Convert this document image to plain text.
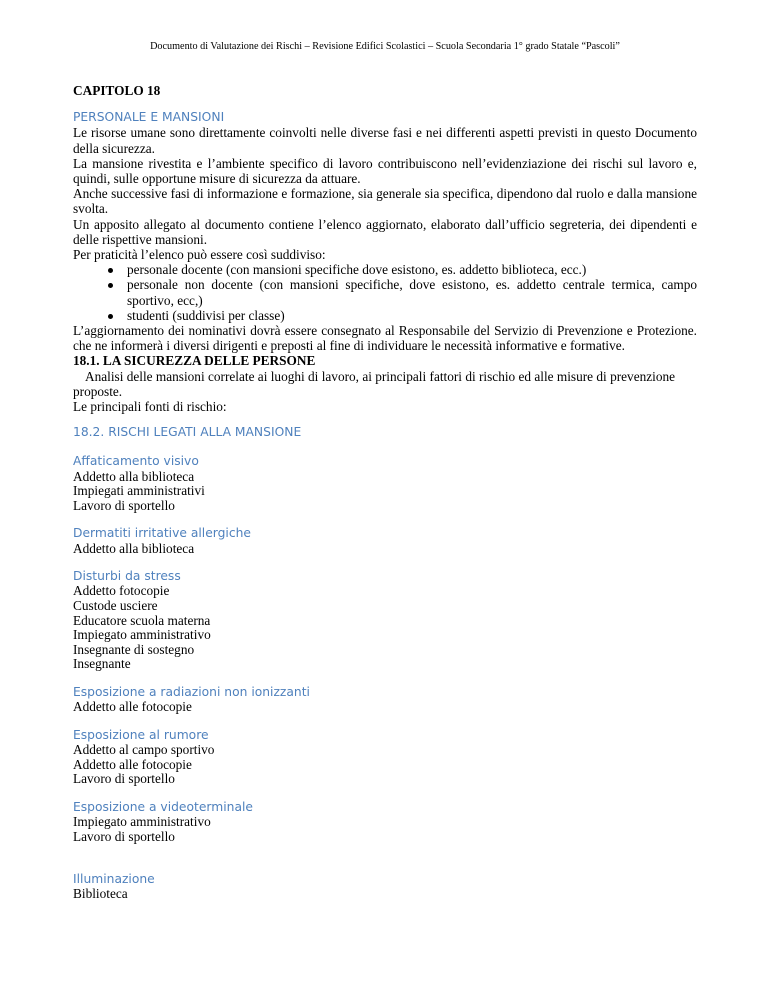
Documento di Valutazione dei Rischi – Revisione Edifici Scolastici – Scuola Secondaria 1° grado Statale “Pascoli”

CAPITOLO 18

PERSONALE E MANSIONI

Le risorse umane sono direttamente coinvolti nelle diverse fasi e nei differenti aspetti previsti in questo Documento della sicurezza.

La mansione rivestita e l’ambiente specifico di lavoro contribuiscono nell’evidenziazione dei rischi sul lavoro e, quindi, sulle opportune misure di sicurezza da attuare.

Anche successive fasi di informazione e formazione, sia generale sia specifica, dipendono dal ruolo e dalla mansione svolta.

Un apposito allegato al documento contiene l’elenco aggiornato, elaborato dall’ufficio segreteria, dei dipendenti e delle rispettive mansioni.

Per praticità l’elenco può essere così suddiviso:

personale docente (con mansioni specifiche dove esistono, es. addetto biblioteca, ecc.)
personale non docente (con mansioni specifiche, dove esistono, es. addetto centrale termica, campo sportivo, ecc,)
studenti (suddivisi per classe)

L’aggiornamento dei nominativi dovrà essere consegnato al Responsabile del Servizio di Prevenzione e Protezione. che ne informerà i diversi dirigenti e preposti al fine di individuare le necessità informative e formative.

18.1. LA SICUREZZA DELLE PERSONE

Analisi delle mansioni correlate ai luoghi di lavoro, ai principali fattori di rischio ed alle misure di prevenzione proposte.

Le principali fonti di rischio:

18.2. RISCHI LEGATI ALLA MANSIONE

Affaticamento visivo
Addetto alla biblioteca
Impiegati amministrativi
Lavoro di sportello
Dermatiti irritative allergiche
Addetto alla biblioteca
Disturbi da stress
Addetto fotocopie
Custode usciere
Educatore scuola materna
Impiegato amministrativo
Insegnante di sostegno
Insegnante
Esposizione a radiazioni non ionizzanti
Addetto alle fotocopie
Esposizione al rumore
Addetto al campo sportivo
Addetto alle fotocopie
Lavoro di sportello
Esposizione a videoterminale
Impiegato amministrativo
Lavoro di sportello
Illuminazione
Biblioteca
